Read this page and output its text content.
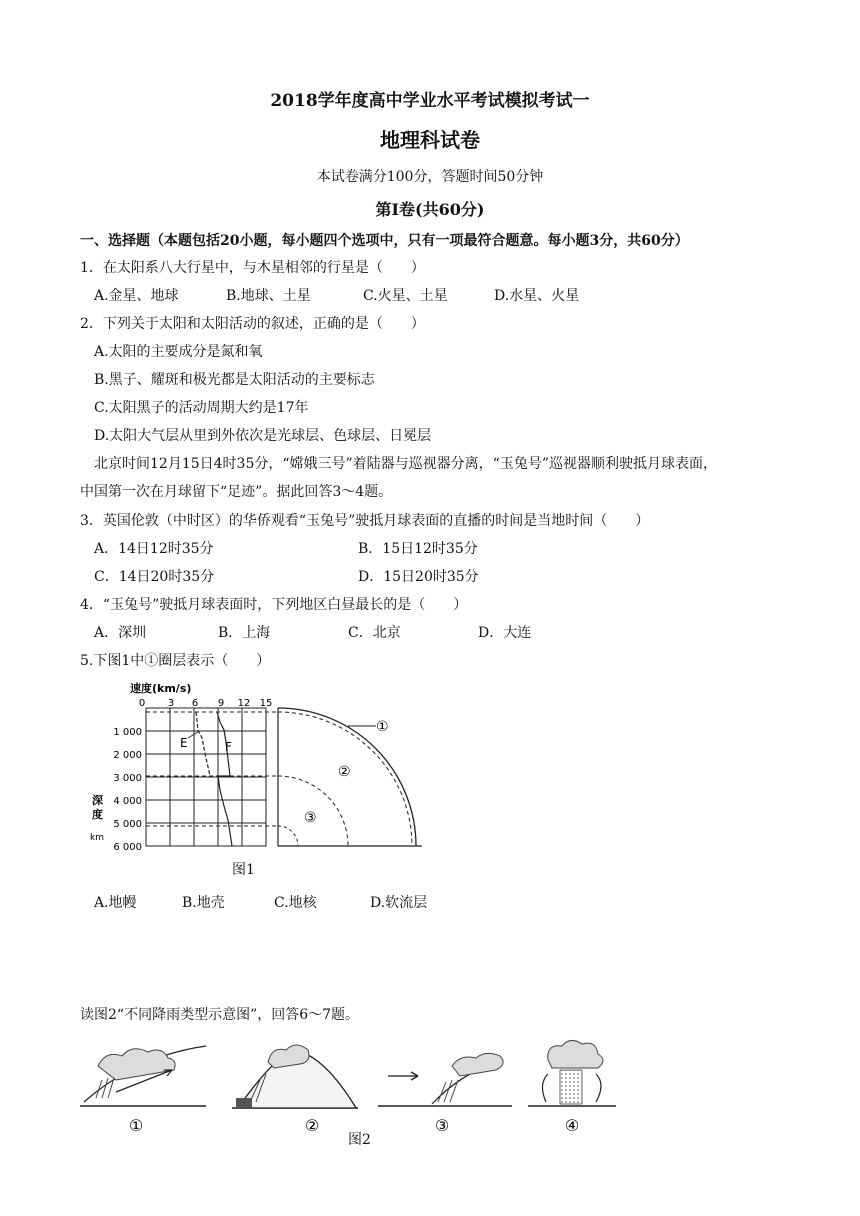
2018学年度高中学业水平考试模拟考试一
地理科试卷
本试卷满分100分，答题时间50分钟
第Ⅰ卷(共60分)
一、选择题（本题包括20小题，每小题四个选项中，只有一项最符合题意。每小题3分，共60分）
1．在太阳系八大行星中，与木星相邻的行星是（　　）
A.金星、地球	B.地球、土星	C.火星、土星	D.水星、火星
2．下列关于太阳和太阳活动的叙述，正确的是（　　）
A.太阳的主要成分是氮和氧
B.黑子、耀斑和极光都是太阳活动的主要标志
C.太阳黑子的活动周期大约是17年
D.太阳大气层从里到外依次是光球层、色球层、日冕层
北京时间12月15日4时35分，“嫦娥三号”着陆器与巡视器分离，“玉兔号”巡视器顺利驶抵月球表面，
中国第一次在月球留下“足迹”。据此回答3～4题。
3．英国伦敦（中时区）的华侨观看“玉兔号”驶抵月球表面的直播的时间是当地时间（　　）
A．14日12时35分	B．15日12时35分
C．14日20时35分	D．15日20时35分
4．“玉兔号”驶抵月球表面时，下列地区白昼最长的是（　　）
A．深圳	B．上海	C．北京	D．大连
5.下图1中①圈层表示（　　）
速度(km/s)
0 3 6 9 12 15
1 000
2 000
3 000
4 000
5 000
6 000
深
度
km
E	F
①
②
③
图1
A.地幔	B.地壳	C.地核	D.软流层
读图2“不同降雨类型示意图”，回答6～7题。
①	②	③	④
图2
